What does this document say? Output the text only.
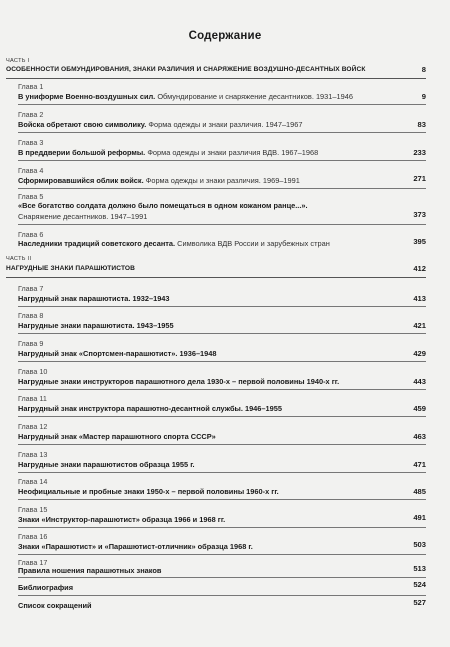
Содержание
ЧАСТЬ I
ОСОБЕННОСТИ ОБМУНДИРОВАНИЯ, ЗНАКИ РАЗЛИЧИЯ И СНАРЯЖЕНИЕ ВОЗДУШНО-ДЕСАНТНЫХ ВОЙСК	8
Глава 1
В униформе Военно-воздушных сил. Обмундирование и снаряжение десантников. 1931–1946	9
Глава 2
Войска обретают свою символику. Форма одежды и знаки различия. 1947–1967	83
Глава 3
В преддверии большой реформы. Форма одежды и знаки различия ВДВ. 1967–1968	233
Глава 4
Сформировавшийся облик войск. Форма одежды и знаки различия. 1969–1991	271
Глава 5
«Все богатство солдата должно было помещаться в одном кожаном ранце...».
Снаряжение десантников. 1947–1991	373
Глава 6
Наследники традиций советского десанта. Символика ВДВ России и зарубежных стран	395
ЧАСТЬ II
НАГРУДНЫЕ ЗНАКИ ПАРАШЮТИСТОВ	412
Глава 7
Нагрудный знак парашютиста. 1932–1943	413
Глава 8
Нагрудные знаки парашютиста. 1943–1955	421
Глава 9
Нагрудный знак «Спортсмен-парашютист». 1936–1948	429
Глава 10
Нагрудные знаки инструкторов парашютного дела 1930-х – первой половины 1940-х гг.	443
Глава 11
Нагрудный знак инструктора парашютно-десантной службы. 1946–1955	459
Глава 12
Нагрудный знак «Мастер парашютного спорта СССР»	463
Глава 13
Нагрудные знаки парашютистов образца 1955 г.	471
Глава 14
Неофициальные и пробные знаки 1950-х – первой половины 1960-х гг.	485
Глава 15
Знаки «Инструктор-парашютист» образца 1966 и 1968 гг.	491
Глава 16
Знаки «Парашютист» и «Парашютист-отличник» образца 1968 г.	503
Глава 17
Правила ношения парашютных знаков	513
Библиография	524
Список сокращений	527
